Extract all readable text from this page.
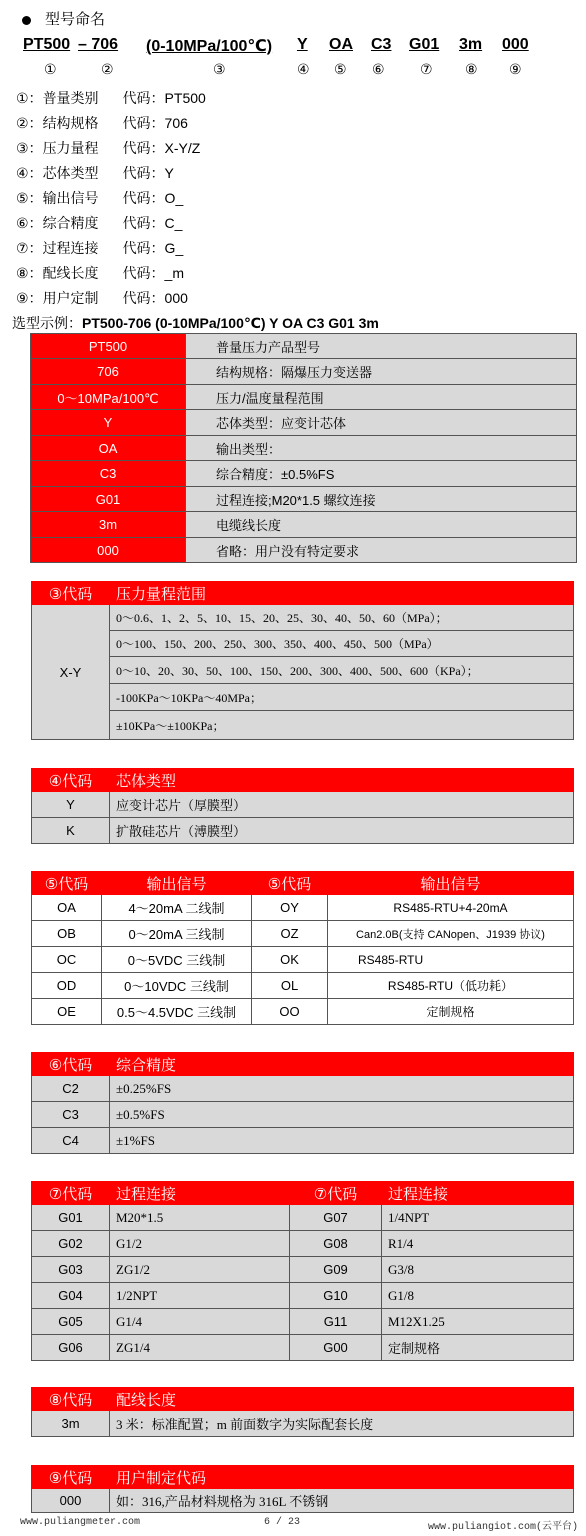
型号命名
PT500 – 706 (0-10MPa/100℃) Y OA C3 G01 3m 000
①	②	③	④ ⑤ ⑥	⑦ ⑧ ⑨
①：普量类别 代码：PT500
②：结构规格 代码：706
③：压力量程 代码：X-Y/Z
④：芯体类型 代码：Y
⑤：输出信号 代码：O_
⑥：综合精度 代码：C_
⑦：过程连接 代码：G_
⑧：配线长度 代码：_m
⑨：用户定制 代码：000
选型示例：PT500-706 (0-10MPa/100℃) Y OA C3 G01 3m
PT500	普量压力产品型号
706	结构规格：隔爆压力变送器
0～10MPa/100℃	压力/温度量程范围
Y	芯体类型：应变计芯体
OA	输出类型：
C3	综合精度：±0.5%FS
G01	过程连接;M20*1.5 螺纹连接
3m	电缆线长度
000	省略：用户没有特定要求
③代码	压力量程范围
X-Y	0～0.6、1、2、5、10、15、20、25、30、40、50、60（MPa）；
	0～100、150、200、250、300、350、400、450、500（MPa）
	0～10、20、30、50、100、150、200、300、400、500、600（KPa）；
	-100KPa～10KPa～40MPa；
	±10KPa～±100KPa；
④代码	芯体类型
Y	应变计芯片（厚膜型）
K	扩散硅芯片（溥膜型）
⑤代码	输出信号	⑤代码	输出信号
OA	4～20mA 二线制	OY	RS485-RTU+4-20mA
OB	0～20mA 三线制	OZ	Can2.0B(支持 CANopen、J1939 协议)
OC	0～5VDC 三线制	OK	RS485-RTU
OD	0～10VDC 三线制	OL	RS485-RTU（低功耗）
OE	0.5～4.5VDC 三线制	OO	定制规格
⑥代码	综合精度
C2	±0.25%FS
C3	±0.5%FS
C4	±1%FS
⑦代码	过程连接	⑦代码	过程连接
G01	M20*1.5	G07	1/4NPT
G02	G1/2	G08	R1/4
G03	ZG1/2	G09	G3/8
G04	1/2NPT	G10	G1/8
G05	G1/4	G11	M12X1.25
G06	ZG1/4	G00	定制规格
⑧代码	配线长度
3m	3 米：标准配置；m 前面数字为实际配套长度
⑨代码	用户制定代码
000	如：316,产品材料规格为 316L 不锈钢
www.puliangmeter.com	6 / 23	www.puliangiot.com(云平台)
